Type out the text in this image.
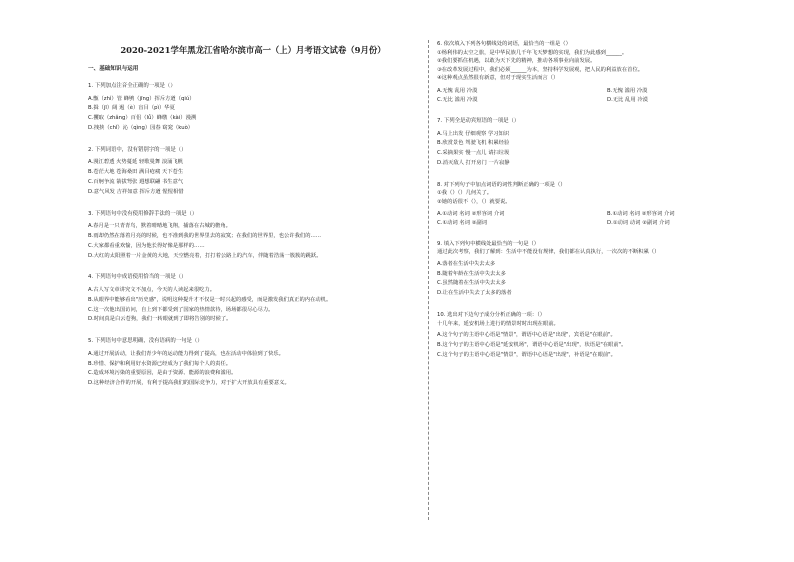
2020-2021学年黑龙江省哈尔滨市高一（上）月考语文试卷（9月份）
一、基础知识与运用
1. 下列加点注音全正确的一项是（）
A.甑（zhì）管 蜂鸲（jīng）挥斥方遒（qiú）
B.揖（jī）阔 遏（è）盲目（pì）华夏
C.攫取（zhǎng）百侣（lǚ）蜂缴（kài）漫溯
D.拽挟（chǐ）沁（qìng）园春 窈窕（kuò）
2. 下列词语中，没有错别字的一项是（）
A.漫江碧透 火势蔓延 轻歌曼舞 浪涌飞帆
B.苍茫大地 苍海桑田 满目疮痍 天下苍生
C.百舸争流 箭拔弩张 遐想联翩 书生意气
D.意气风发 吉祥如意 挥斥方遒 惺惺相惜
3. 下列语句中没有使用修辞手法的一项是（）
A.春月是一只青青鸟，默着晴晴地飞翔，捕落在古城的檐角。
B.雨却仍然在落着月亮的时候，也不准到我的世界里去的寂寞；在我们的世界里，也公许我们的……
C.大家都看重欢愉，因为他长得好像是那样的……
D.大红的太阳照着一片金黄的大地，天空燃亮着，打打着公路上的汽车，伴随着浩荡一簇簇的跳跃。
4. 下列语句中成语使用恰当的一项是（）
A.古人写文章讲究文不加点，今天的人读起来很吃力。
B.从眼界中能够看出"历史感"，说明这种提升才不仅是一时兴起的感受，而是激发我们真正的内在动机。
C.这一次他出国访问，自上到下都受到了国家的热情款待，场场都很尽心尽力。
D.时间真是白云苍狗，我们一转眼就到了即将告别的时候了。
5. 下列语句中意思明确，没有语病的一句是（）
A.通过开展活动，让我们青少年的运动能力得到了提高，也在活动中体验到了快乐。
B.珍惜、保护和利用好水资源已经成为了我们每个人的责任。
C.造成环境污染的重要原因，是由于资源、能源的浪费和滥用。
D.这种经济合作的开展，有利于提高我们的国际竞争力，对于扩大开放具有重要意义。
6. 依次填入下列各句横线处的词语，最恰当的一组是（）
①杨利伟的太空之旅，是中华民族几千年飞天梦想的实现，我们为此感到______。
②我们要抓住机遇，以敢为天下先的精神，推动各项事业向前发展。
③在改革发展过程中，我们必须______为本，坚持科学发展观，把人民的利益放在首位。
④这种观点虽然很有新意，但对于现实生活而言（）
A.无愧 乱用 冷漠	B.无愧 滥用 冷漠
C.无比 滥用 冷漠	D.无比 乱用 冷漠
7. 下列全是动宾短语的一项是（）
A.马上出发 仔细观察 学习知识
B.欣赏景色 驾驶飞机 积累经验
C.采摘果实 慢一点儿 请扫垃圾
D.消灭敌人 打开房门 一片寂静
8. 对下列句子中加点词语的词性判断正确的一项是（）
①我（）（）几何关了。
②她的话很不（），（）就要说。
A.①动词 名词 ②形容词 介词	B.①动词 名词 ②形容词 介词
C.①动词 名词 ②副词	D.①动词 动词 ②副词 介词
9. 填入下列句中横线处最恰当的一句是（）
通过此次考察，我们了解到：生活中不能没有规律，我们都在认真执行，一次次的不断积累（）
A.落者在生活中失去太多
B.随着年龄在生活中失去太多
C.虽然随着在生活中失去太多
D.让在生活中失去了太多的落者
10. 选出对下边句子成分分析正确的一项：（）
十几年来，延安机场上进行的情景时时出现在眼前。
A.这个句子的主语中心语是"情景"，谓语中心语是"出现"，宾语是"在眼前"。
B.这个句子的主语中心语是"延安机场"，谓语中心语是"出现"，状语是"在眼前"。
C.这个句子的主语中心语是"情景"，谓语中心语是"出现"，补语是"在眼前"。
